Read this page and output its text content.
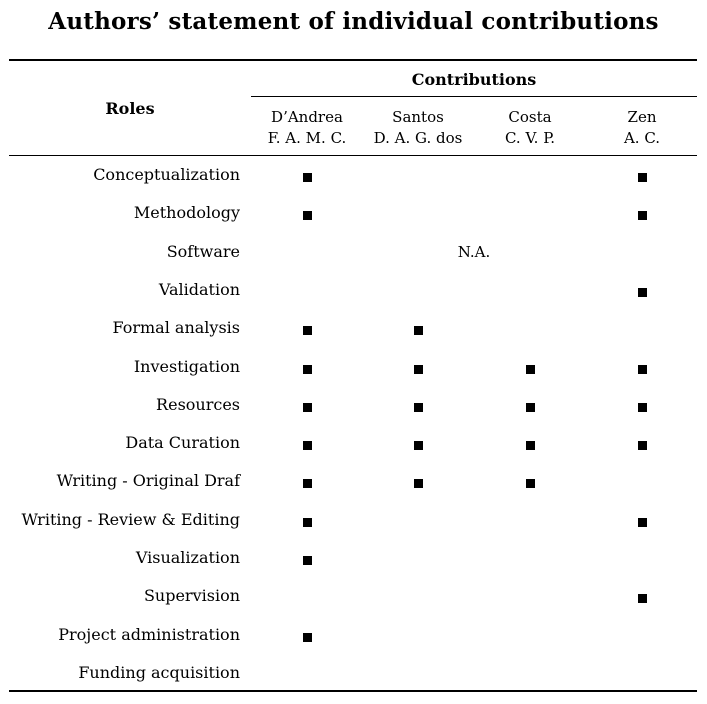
Authors’ statement of individual contributions
Contributions
Roles	D’Andrea
F. A. M. C.
Santos
D. A. G. dos
Costa
C. V. P.
Zen
A. C.
Conceptualization
Methodology
Software	N.A.
Validation
Formal analysis
Investigation
Resources
Data Curation
Writing - Original Draf
Writing - Review & Editing
Visualization
Supervision
Project administration
Funding acquisition
